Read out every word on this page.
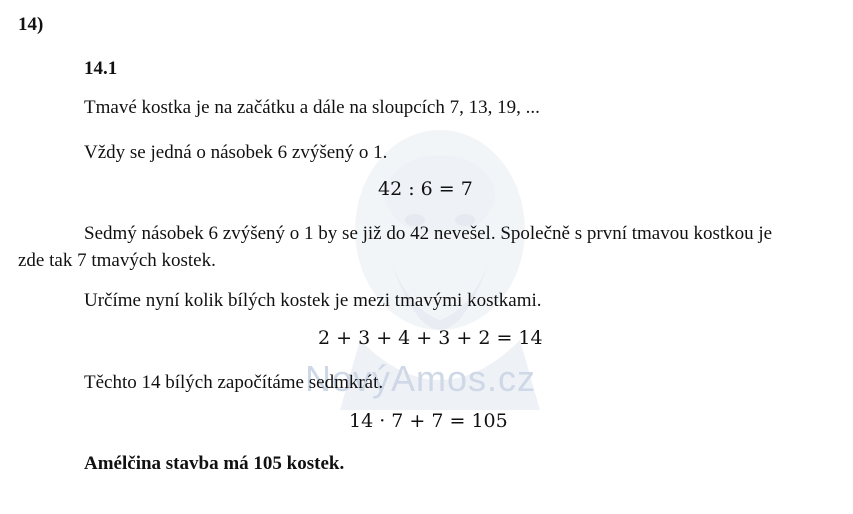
NovýAmos.cz
14)
14.1
Tmavé kostka je na začátku a dále na sloupcích 7, 13, 19, ...
Vždy se jedná o násobek 6 zvýšený o 1.
42 : 6 = 7
Sedmý násobek 6 zvýšený o 1 by se již do 42 nevešel. Společně s první tmavou kostkou je zde tak 7 tmavých kostek.
Určíme nyní kolik bílých kostek je mezi tmavými kostkami.
2 + 3 + 4 + 3 + 2 = 14
Těchto 14 bílých započítáme sedmkrát.
14 · 7 + 7 = 105
Amélčina stavba má 105 kostek.
